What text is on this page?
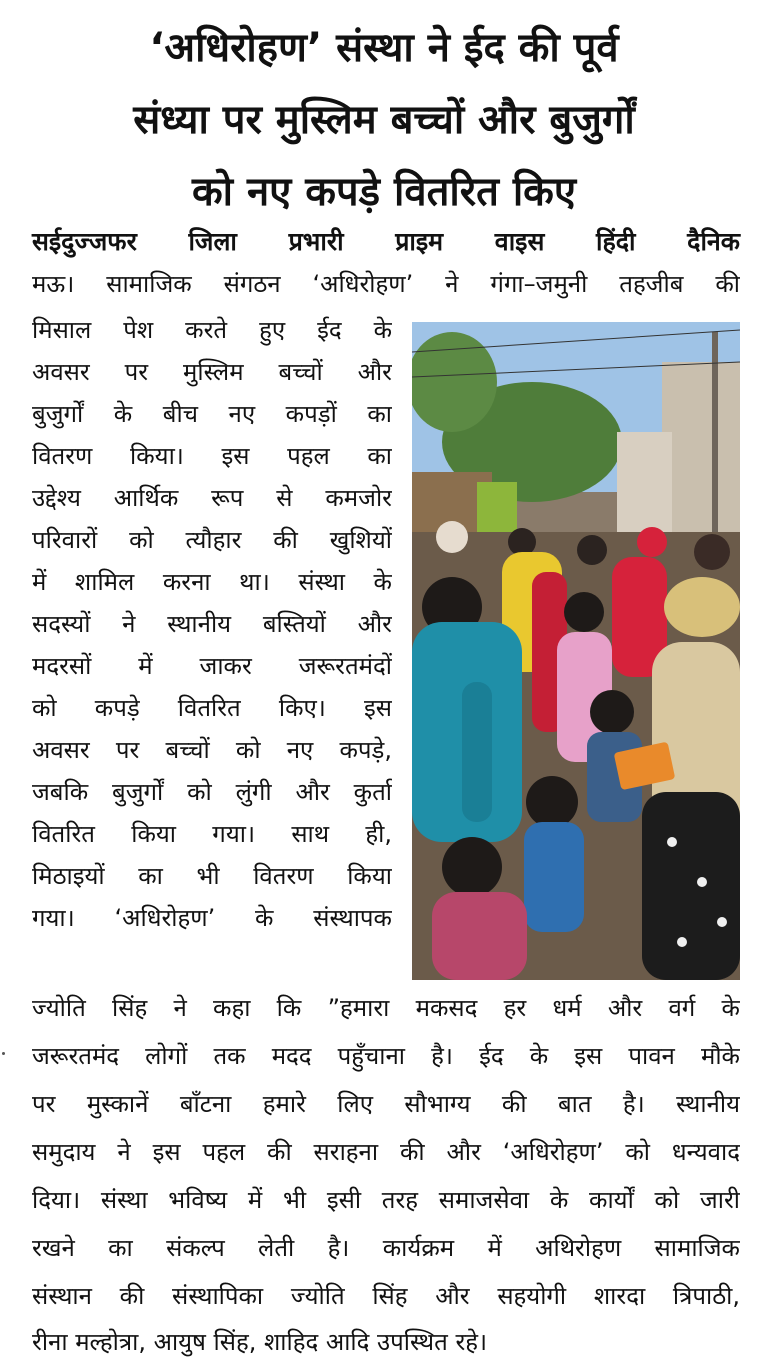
‘अधिरोहण’ संस्था ने ईद की पूर्व
संध्या पर मुस्लिम बच्चों और बुजुर्गों
को नए कपड़े वितरित किए

सईदुज्जफर जिला प्रभारी प्राइम वाइस हिंदी दैनिक

मऊ। सामाजिक संगठन ‘अधिरोहण’ ने गंगा–जमुनी तहजीब की

मिसाल पेश करते हुए ईद के

अवसर पर मुस्लिम बच्चों और

बुजुर्गों के बीच नए कपड़ों का

वितरण किया। इस पहल का

उद्देश्य आर्थिक रूप से कमजोर

परिवारों को त्यौहार की खुशियों

में शामिल करना था। संस्था के

सदस्यों ने स्थानीय बस्तियों और

मदरसों में जाकर जरूरतमंदों

को कपड़े वितरित किए। इस

अवसर पर बच्चों को नए कपड़े,

जबकि बुजुर्गों को लुंगी और कुर्ता

वितरित किया गया। साथ ही,

मिठाइयों का भी वितरण किया

गया। ‘अधिरोहण’ के संस्थापक

ज्योति सिंह ने कहा कि ”हमारा मकसद हर धर्म और वर्ग के

जरूरतमंद लोगों तक मदद पहुँचाना है। ईद के इस पावन मौके

पर मुस्कानें बाँटना हमारे लिए सौभाग्य की बात है। स्थानीय

समुदाय ने इस पहल की सराहना की और ‘अधिरोहण’ को धन्यवाद

दिया। संस्था भविष्य में भी इसी तरह समाजसेवा के कार्यों को जारी

रखने का संकल्प लेती है। कार्यक्रम में अथिरोहण सामाजिक

संस्थान की संस्थापिका ज्योति सिंह और सहयोगी शारदा त्रिपाठी,

रीना मल्होत्रा, आयुष सिंह, शाहिद आदि उपस्थित रहे।
